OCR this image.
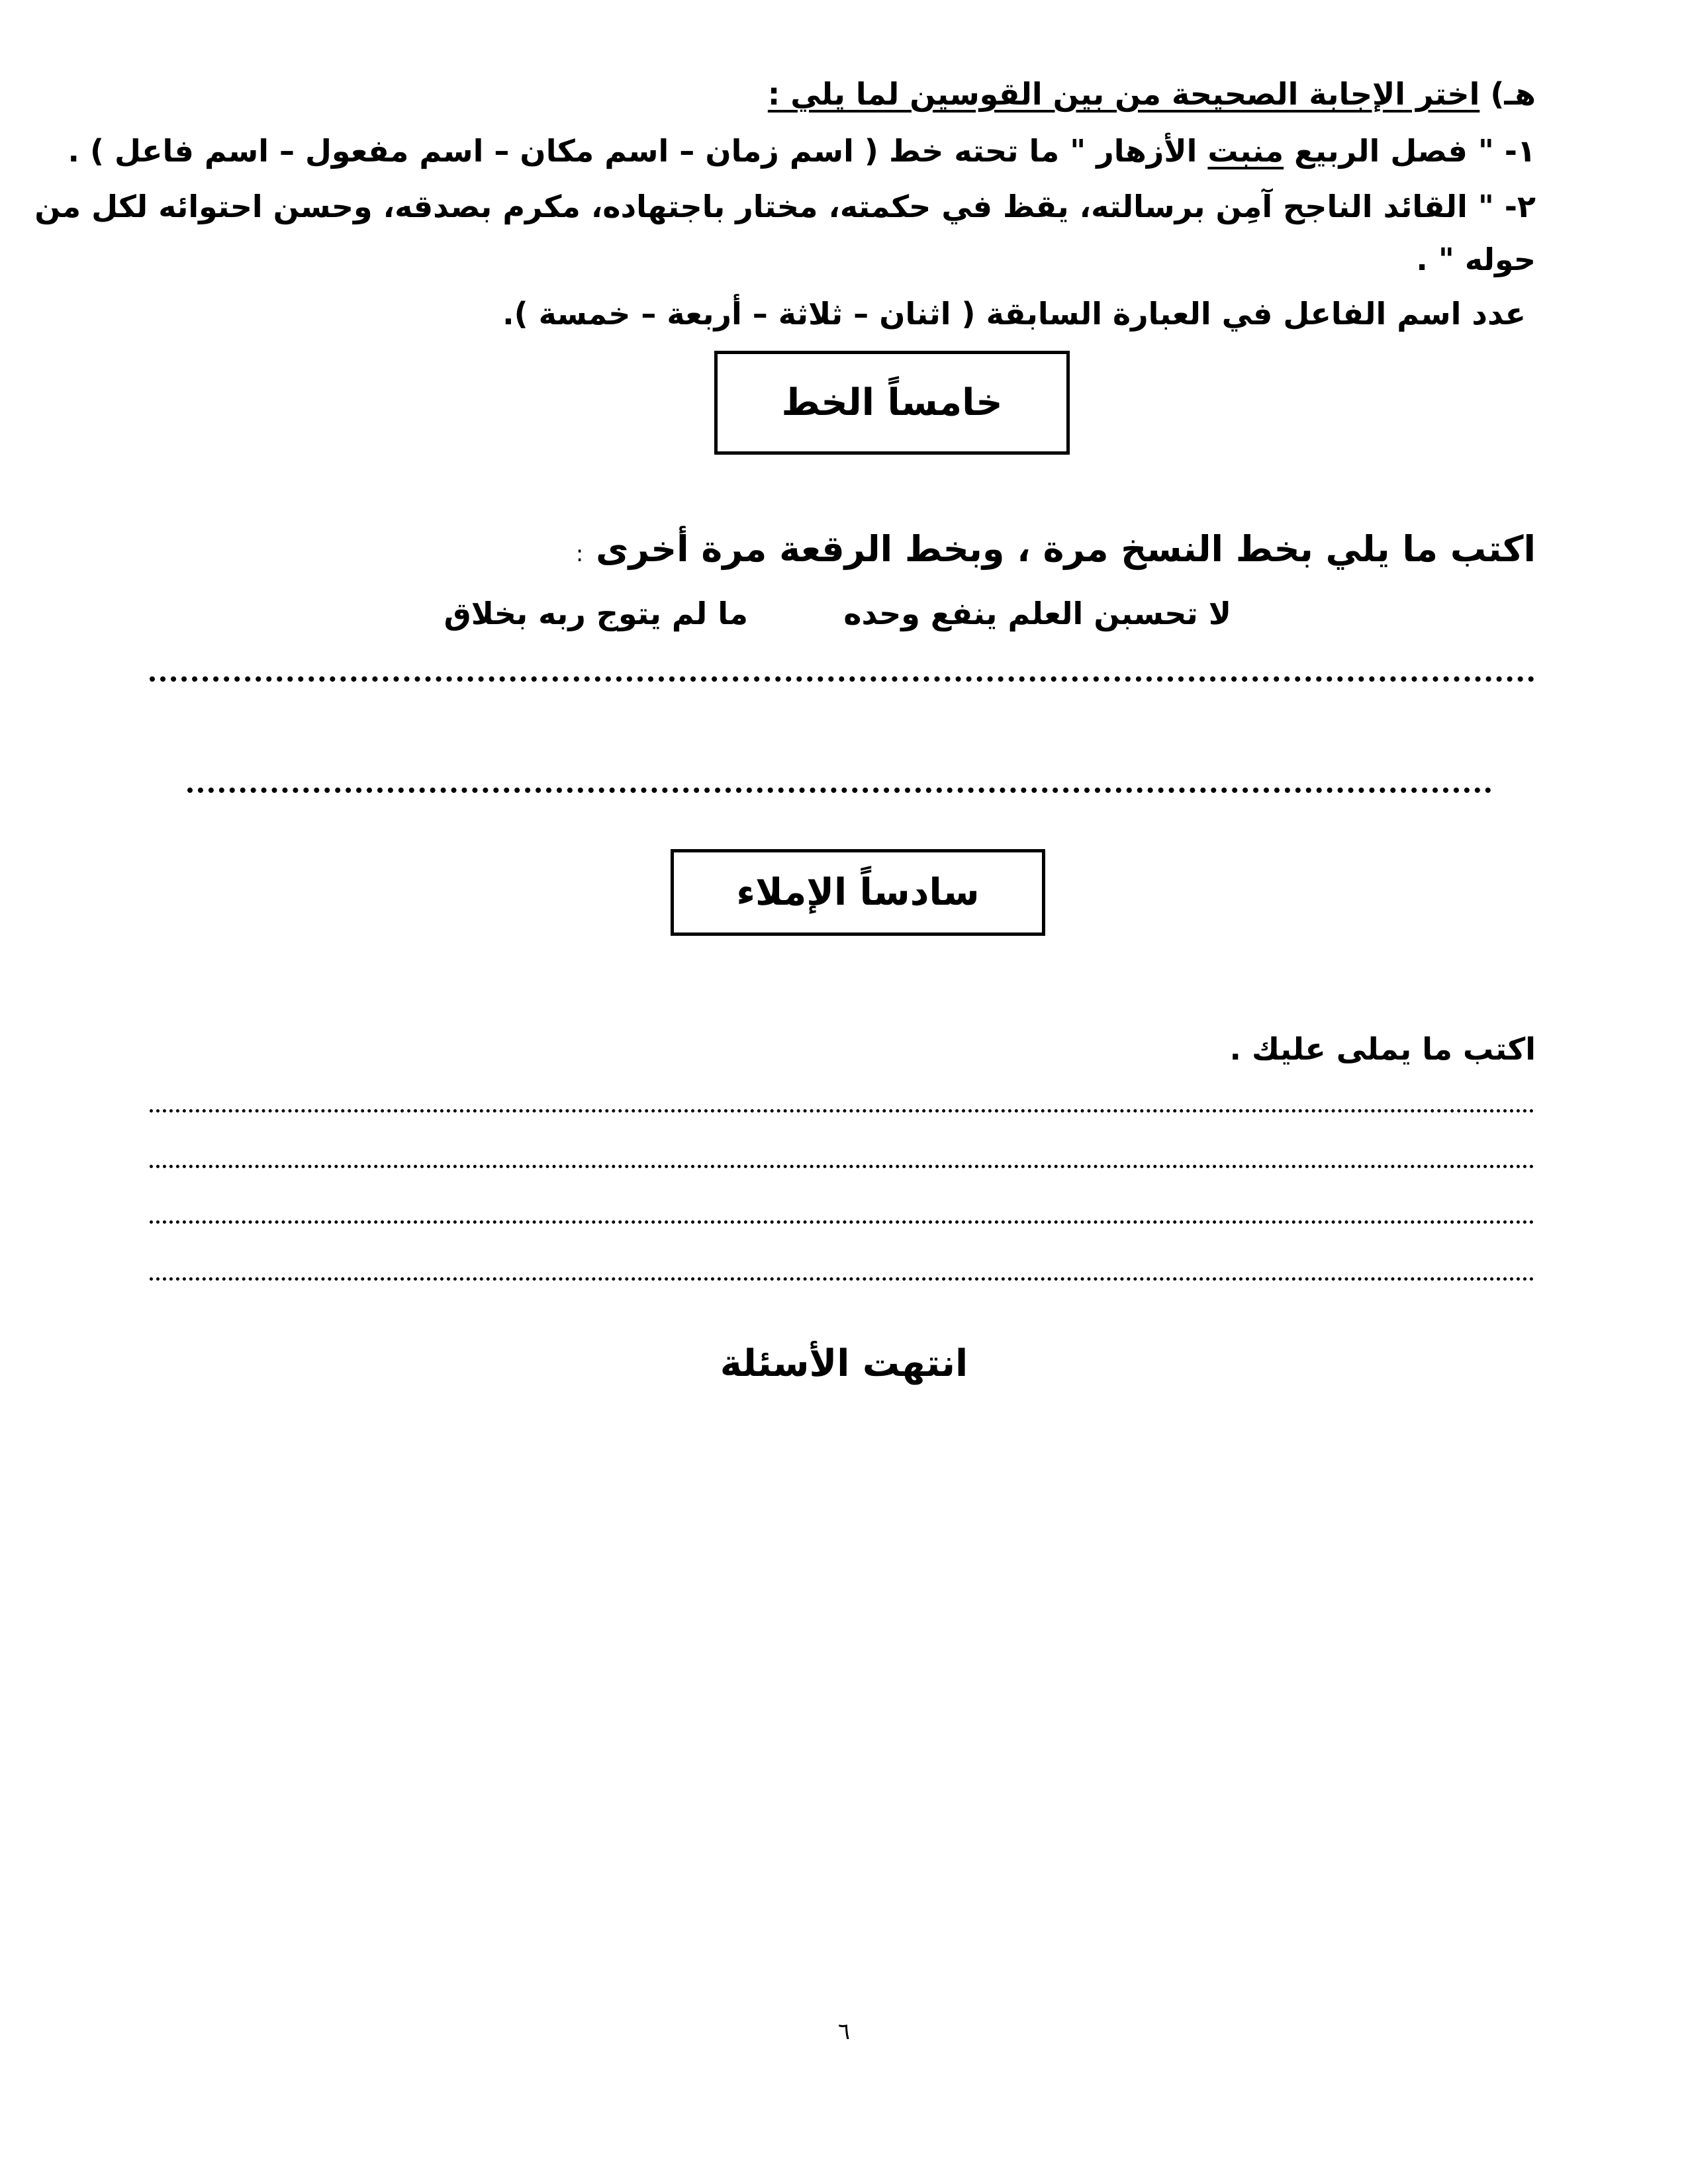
هـ) اختر الإجابة الصحيحة من بين القوسين لما يلي :
١- " فصل الربيع منبت الأزهار " ما تحته خط ( اسم زمان – اسم مكان – اسم مفعول – اسم فاعل ) .
٢- " القائد الناجح آمِن برسالته، يقظ في حكمته، مختار باجتهاده، مكرم بصدقه، وحسن احتوائه لكل من
حوله " .
عدد اسم الفاعل في العبارة السابقة ( اثنان – ثلاثة – أربعة – خمسة ).
خامساً الخط
اكتب ما يلي بخط النسخ مرة ، وبخط الرقعة مرة أخرى :
لا تحسبن العلم ينفع وحده
ما لم يتوج ربه بخلاق
سادساً الإملاء
اكتب ما يملى عليك .
انتهت الأسئلة
٦
